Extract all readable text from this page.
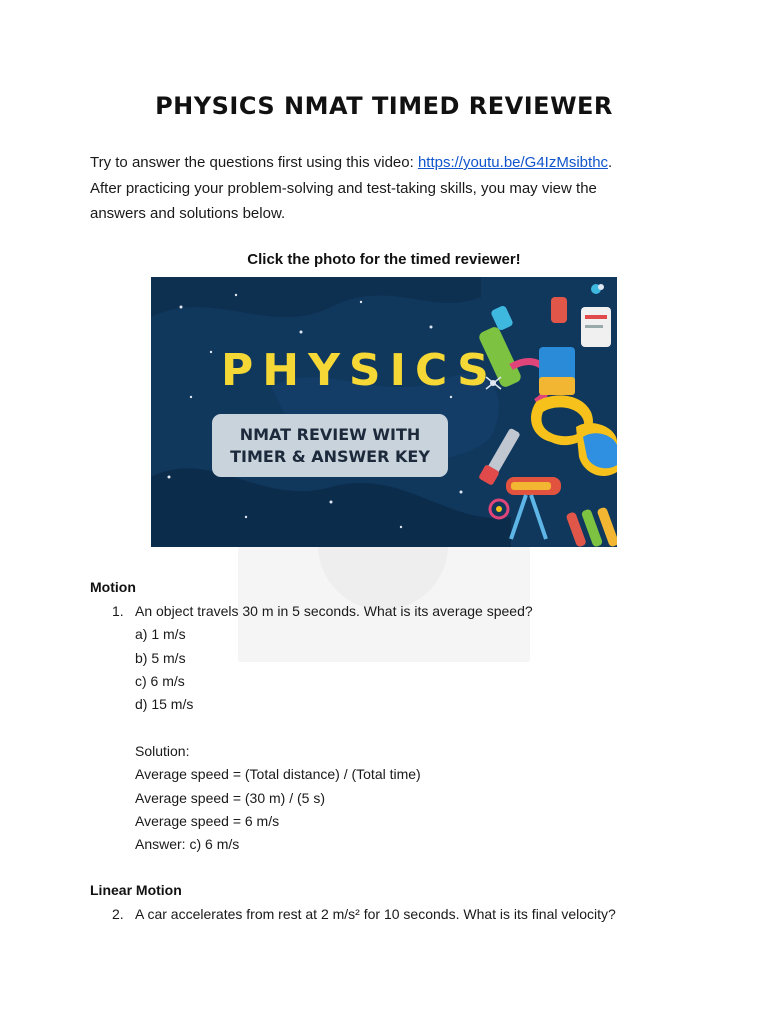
PHYSICS NMAT TIMED REVIEWER
Try to answer the questions first using this video: https://youtu.be/G4IzMsibthc.
After practicing your problem-solving and test-taking skills, you may view the
answers and solutions below.
Click the photo for the timed reviewer!
PHYSICS
NMAT REVIEW WITH
TIMER & ANSWER KEY
Motion
1. An object travels 30 m in 5 seconds. What is its average speed?
a) 1 m/s
b) 5 m/s
c) 6 m/s
d) 15 m/s
Solution:
Average speed = (Total distance) / (Total time)
Average speed = (30 m) / (5 s)
Average speed = 6 m/s
Answer: c) 6 m/s
Linear Motion
2. A car accelerates from rest at 2 m/s² for 10 seconds. What is its final velocity?
